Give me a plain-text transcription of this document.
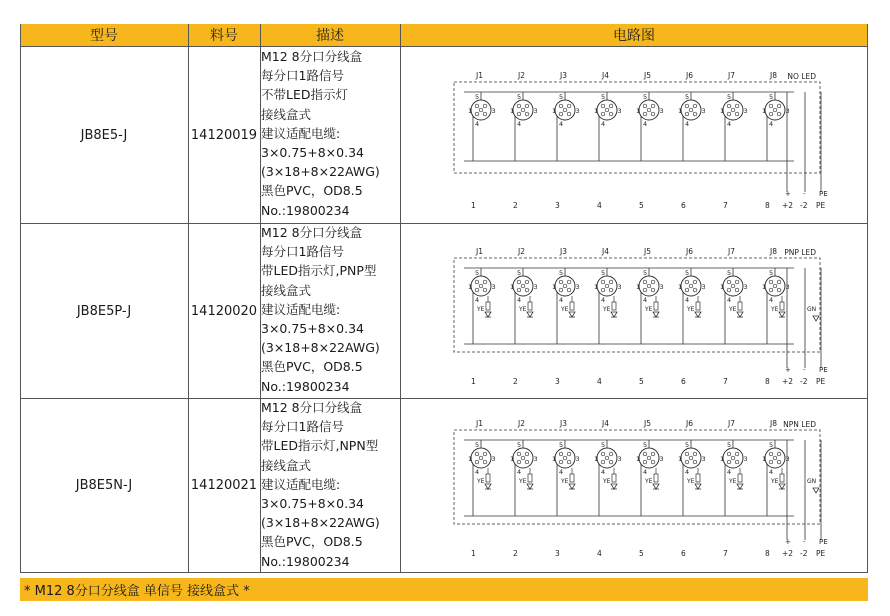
型号	料号	描述	电路图
JB8E5-J	14120019
M12 8分口分线盒
每分口1路信号
不带LED指示灯
接线盒式
建议适配电缆:
3×0.75+8×0.34
(3×18+8×22AWG)
黑色PVC，OD8.5
No.:19800234
NO LED
J1
1	3
4
5
1
J2
1	3
4
5
2
J3
1	3
4
5
3
J4
1	3
4
5
4
J5
1	3
4
5
5
J6
1	3
4
5
6
J7
1	3
4
5
7
J8
1	3
4
5
8
+
+2
-
-2
PE
PE
JB8E5P-J	14120020
M12 8分口分线盒
每分口1路信号
带LED指示灯,PNP型
接线盒式
建议适配电缆:
3×0.75+8×0.34
(3×18+8×22AWG)
黑色PVC，OD8.5
No.:19800234
PNP LED
J1
1	3
4
5
YE
1
J2
1	3
4
5
YE
2
J3
1	3
4
5
YE
3
J4
1	3
4
5
YE
4
J5
1	3
4
5
YE
5
J6
1	3
4
5
YE
6
J7
1	3
4
5
YE
7
J8
1	3
4
5
YE
8
GN
+
+2
-
-2
PE
PE
JB8E5N-J	14120021
M12 8分口分线盒
每分口1路信号
带LED指示灯,NPN型
接线盒式
建议适配电缆:
3×0.75+8×0.34
(3×18+8×22AWG)
黑色PVC，OD8.5
No.:19800234
NPN LED
J1
1	3
4
5
YE
1
J2
1	3
4
5
YE
2
J3
1	3
4
5
YE
3
J4
1	3
4
5
YE
4
J5
1	3
4
5
YE
5
J6
1	3
4
5
YE
6
J7
1	3
4
5
YE
7
J8
1	3
4
5
YE
8
GN
+
+2
-
-2
PE
PE
* M12 8分口分线盒 单信号 接线盒式 *
